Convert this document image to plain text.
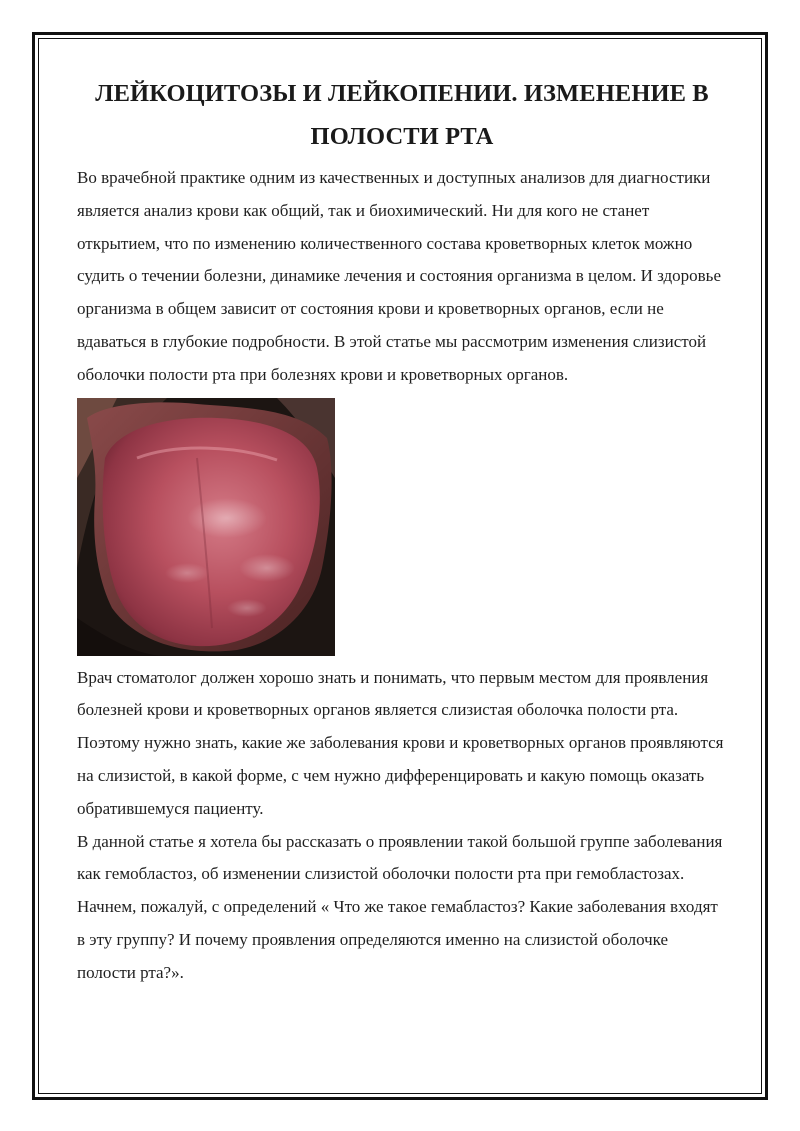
ЛЕЙКОЦИТОЗЫ И ЛЕЙКОПЕНИИ. ИЗМЕНЕНИЕ В ПОЛОСТИ РТА

Во врачебной практике одним из качественных и доступных анализов для диагностики является анализ крови как общий, так и биохимический. Ни для кого не станет открытием, что по изменению количественного состава кроветворных клеток можно судить о течении болезни, динамике лечения и состояния организма в целом. И здоровье организма в общем зависит от состояния крови и кроветворных органов, если не вдаваться в глубокие подробности. В этой статье мы рассмотрим изменения слизистой оболочки полости рта при болезнях крови и кроветворных органов.

Врач стоматолог должен хорошо знать и понимать, что первым местом для проявления болезней крови и кроветворных органов является слизистая оболочка полости рта. Поэтому нужно знать, какие же заболевания крови и кроветворных органов проявляются на слизистой, в какой форме, с чем нужно дифференцировать и какую помощь оказать обратившемуся пациенту.

В данной статье я хотела бы рассказать о проявлении такой большой группе заболевания как гемобластоз, об изменении слизистой оболочки полости рта при гемобластозах.

Начнем, пожалуй, с определений « Что же такое гемабластоз? Какие заболевания входят в эту группу? И почему проявления определяются именно на слизистой оболочке полости рта?».
